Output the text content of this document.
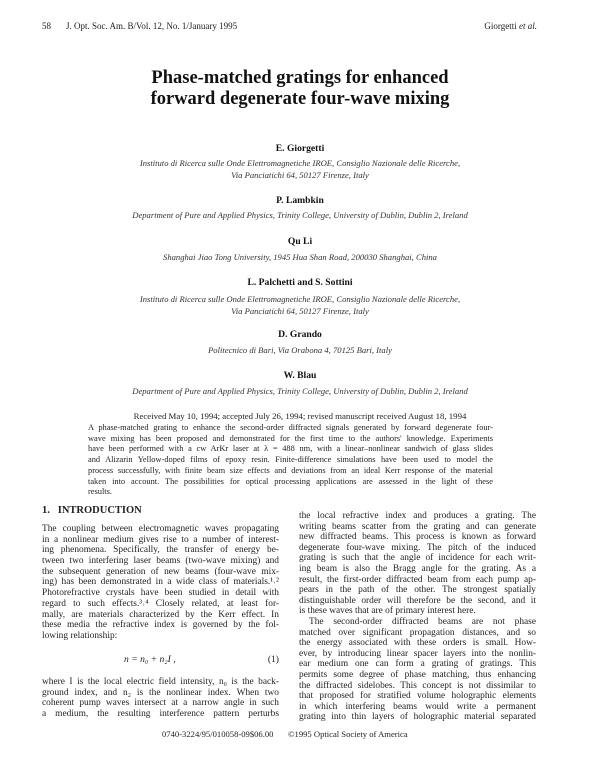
58 J. Opt. Soc. Am. B/Vol. 12, No. 1/January 1995	Giorgetti et al.
Phase-matched gratings for enhanced
forward degenerate four-wave mixing
E. Giorgetti
Instituto di Ricerca sulle Onde Elettromagnetiche IROE, Consiglio Nazionale delle Ricerche,
Via Panciatichi 64, 50127 Firenze, Italy
P. Lambkin
Department of Pure and Applied Physics, Trinity College, University of Dublin, Dublin 2, Ireland
Qu Li
Shanghai Jiao Tong University, 1945 Hua Shan Road, 200030 Shanghai, China
L. Palchetti and S. Sottini
Instituto di Ricerca sulle Onde Elettromagnetiche IROE, Consiglio Nazionale delle Ricerche,
Via Panciatichi 64, 50127 Firenze, Italy
D. Grando
Politecnico di Bari, Via Orabona 4, 70125 Bari, Italy
W. Blau
Department of Pure and Applied Physics, Trinity College, University of Dublin, Dublin 2, Ireland
Received May 10, 1994; accepted July 26, 1994; revised manuscript received August 18, 1994
A phase-matched grating to enhance the second-order diffracted signals generated by forward degenerate four-
wave mixing has been proposed and demonstrated for the first time to the authors' knowledge. Experiments
have been performed with a cw ArKr laser at λ = 488 nm, with a linear–nonlinear sandwich of glass slides
and Alizarin Yellow-doped films of epoxy resin. Finite-difference simulations have been used to model the
process successfully, with finite beam size effects and deviations from an ideal Kerr response of the material
taken into account. The possibilities for optical processing applications are assessed in the light of these
results.
1. INTRODUCTION
The coupling between electromagnetic waves propagating
in a nonlinear medium gives rise to a number of interest-
ing phenomena. Specifically, the transfer of energy be-
tween two interfering laser beams (two-wave mixing) and
the subsequent generation of new beams (four-wave mix-
ing) has been demonstrated in a wide class of materials.¹˒²
Photorefractive crystals have been studied in detail with
regard to such effects.³˒⁴ Closely related, at least for-
mally, are materials characterized by the Kerr effect. In
these media the refractive index is governed by the fol-
lowing relationship:
n = n₀ + n₂I ,	(1)
where I is the local electric field intensity, n₀ is the back-
ground index, and n₂ is the nonlinear index. When two
coherent pump waves intersect at a narrow angle in such
a medium, the resulting interference pattern perturbs
the local refractive index and produces a grating. The
writing beams scatter from the grating and can generate
new diffracted beams. This process is known as forward
degenerate four-wave mixing. The pitch of the induced
grating is such that the angle of incidence for each writ-
ing beam is also the Bragg angle for the grating. As a
result, the first-order diffracted beam from each pump ap-
pears in the path of the other. The strongest spatially
distinguishable order will therefore be the second, and it
is these waves that are of primary interest here.
The second-order diffracted beams are not phase
matched over significant propagation distances, and so
the energy associated with these orders is small. How-
ever, by introducing linear spacer layers into the nonlin-
ear medium one can form a grating of gratings. This
permits some degree of phase matching, thus enhancing
the diffracted sidelobes. This concept is not dissimilar to
that proposed for stratified volume holographic elements
in which interfering beams would write a permanent
grating into thin layers of holographic material separated
0740-3224/95/010058-09$06.00 ©1995 Optical Society of America
